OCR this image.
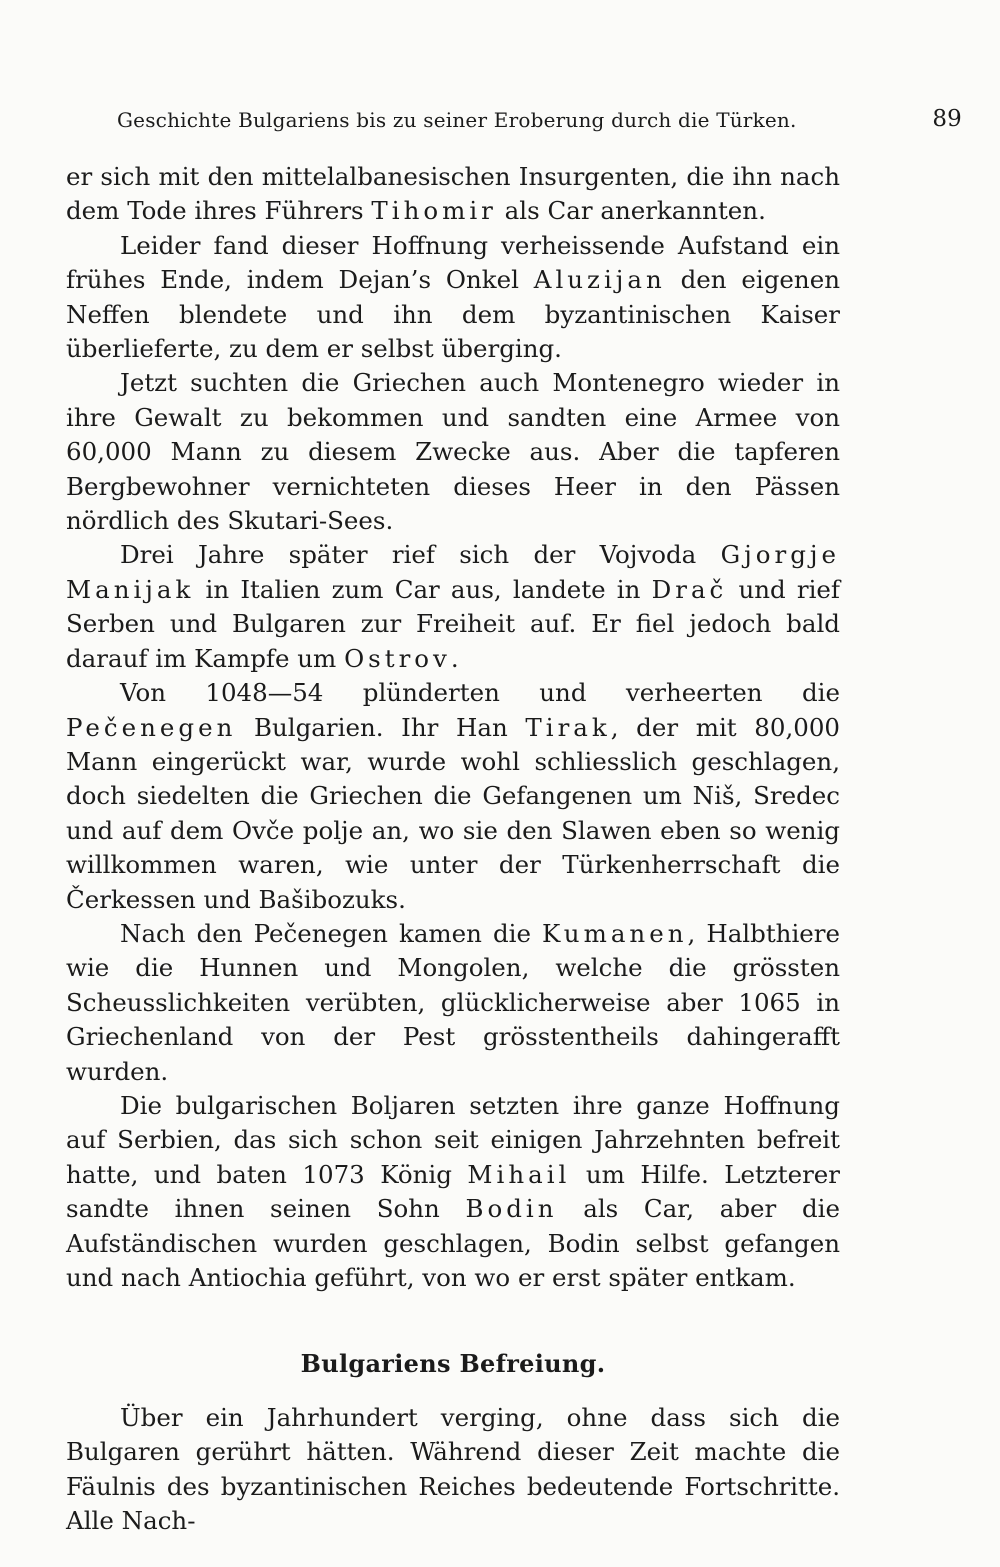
Geschichte Bulgariens bis zu seiner Eroberung durch die Türken.	89

er sich mit den mittelalbanesischen Insurgenten, die ihn nach dem Tode ihres Führers Tihomir als Car anerkannten.

Leider fand dieser Hoffnung verheissende Aufstand ein frühes Ende, indem Dejan’s Onkel Aluzijan den eigenen Neffen blendete und ihn dem byzantinischen Kaiser überlieferte, zu dem er selbst überging.

Jetzt suchten die Griechen auch Montenegro wieder in ihre Gewalt zu bekommen und sandten eine Armee von 60,000 Mann zu diesem Zwecke aus. Aber die tapferen Bergbewohner vernichteten dieses Heer in den Pässen nördlich des Skutari-Sees.

Drei Jahre später rief sich der Vojvoda Gjorgje Manijak in Italien zum Car aus, landete in Drač und rief Serben und Bulgaren zur Freiheit auf. Er fiel jedoch bald darauf im Kampfe um Ostrov.

Von 1048—54 plünderten und verheerten die Pečenegen Bulgarien. Ihr Han Tirak, der mit 80,000 Mann eingerückt war, wurde wohl schliesslich geschlagen, doch siedelten die Griechen die Gefangenen um Niš, Sredec und auf dem Ovče polje an, wo sie den Slawen eben so wenig willkommen waren, wie unter der Türkenherrschaft die Čerkessen und Bašibozuks.

Nach den Pečenegen kamen die Kumanen, Halbthiere wie die Hunnen und Mongolen, welche die grössten Scheusslichkeiten verübten, glücklicherweise aber 1065 in Griechenland von der Pest grösstentheils dahingerafft wurden.

Die bulgarischen Boljaren setzten ihre ganze Hoffnung auf Serbien, das sich schon seit einigen Jahrzehnten befreit hatte, und baten 1073 König Mihail um Hilfe. Letzterer sandte ihnen seinen Sohn Bodin als Car, aber die Aufständischen wurden geschlagen, Bodin selbst gefangen und nach Antiochia geführt, von wo er erst später entkam.

Bulgariens Befreiung.

Über ein Jahrhundert verging, ohne dass sich die Bulgaren gerührt hätten. Während dieser Zeit machte die Fäulnis des byzantinischen Reiches bedeutende Fortschritte. Alle Nach-
